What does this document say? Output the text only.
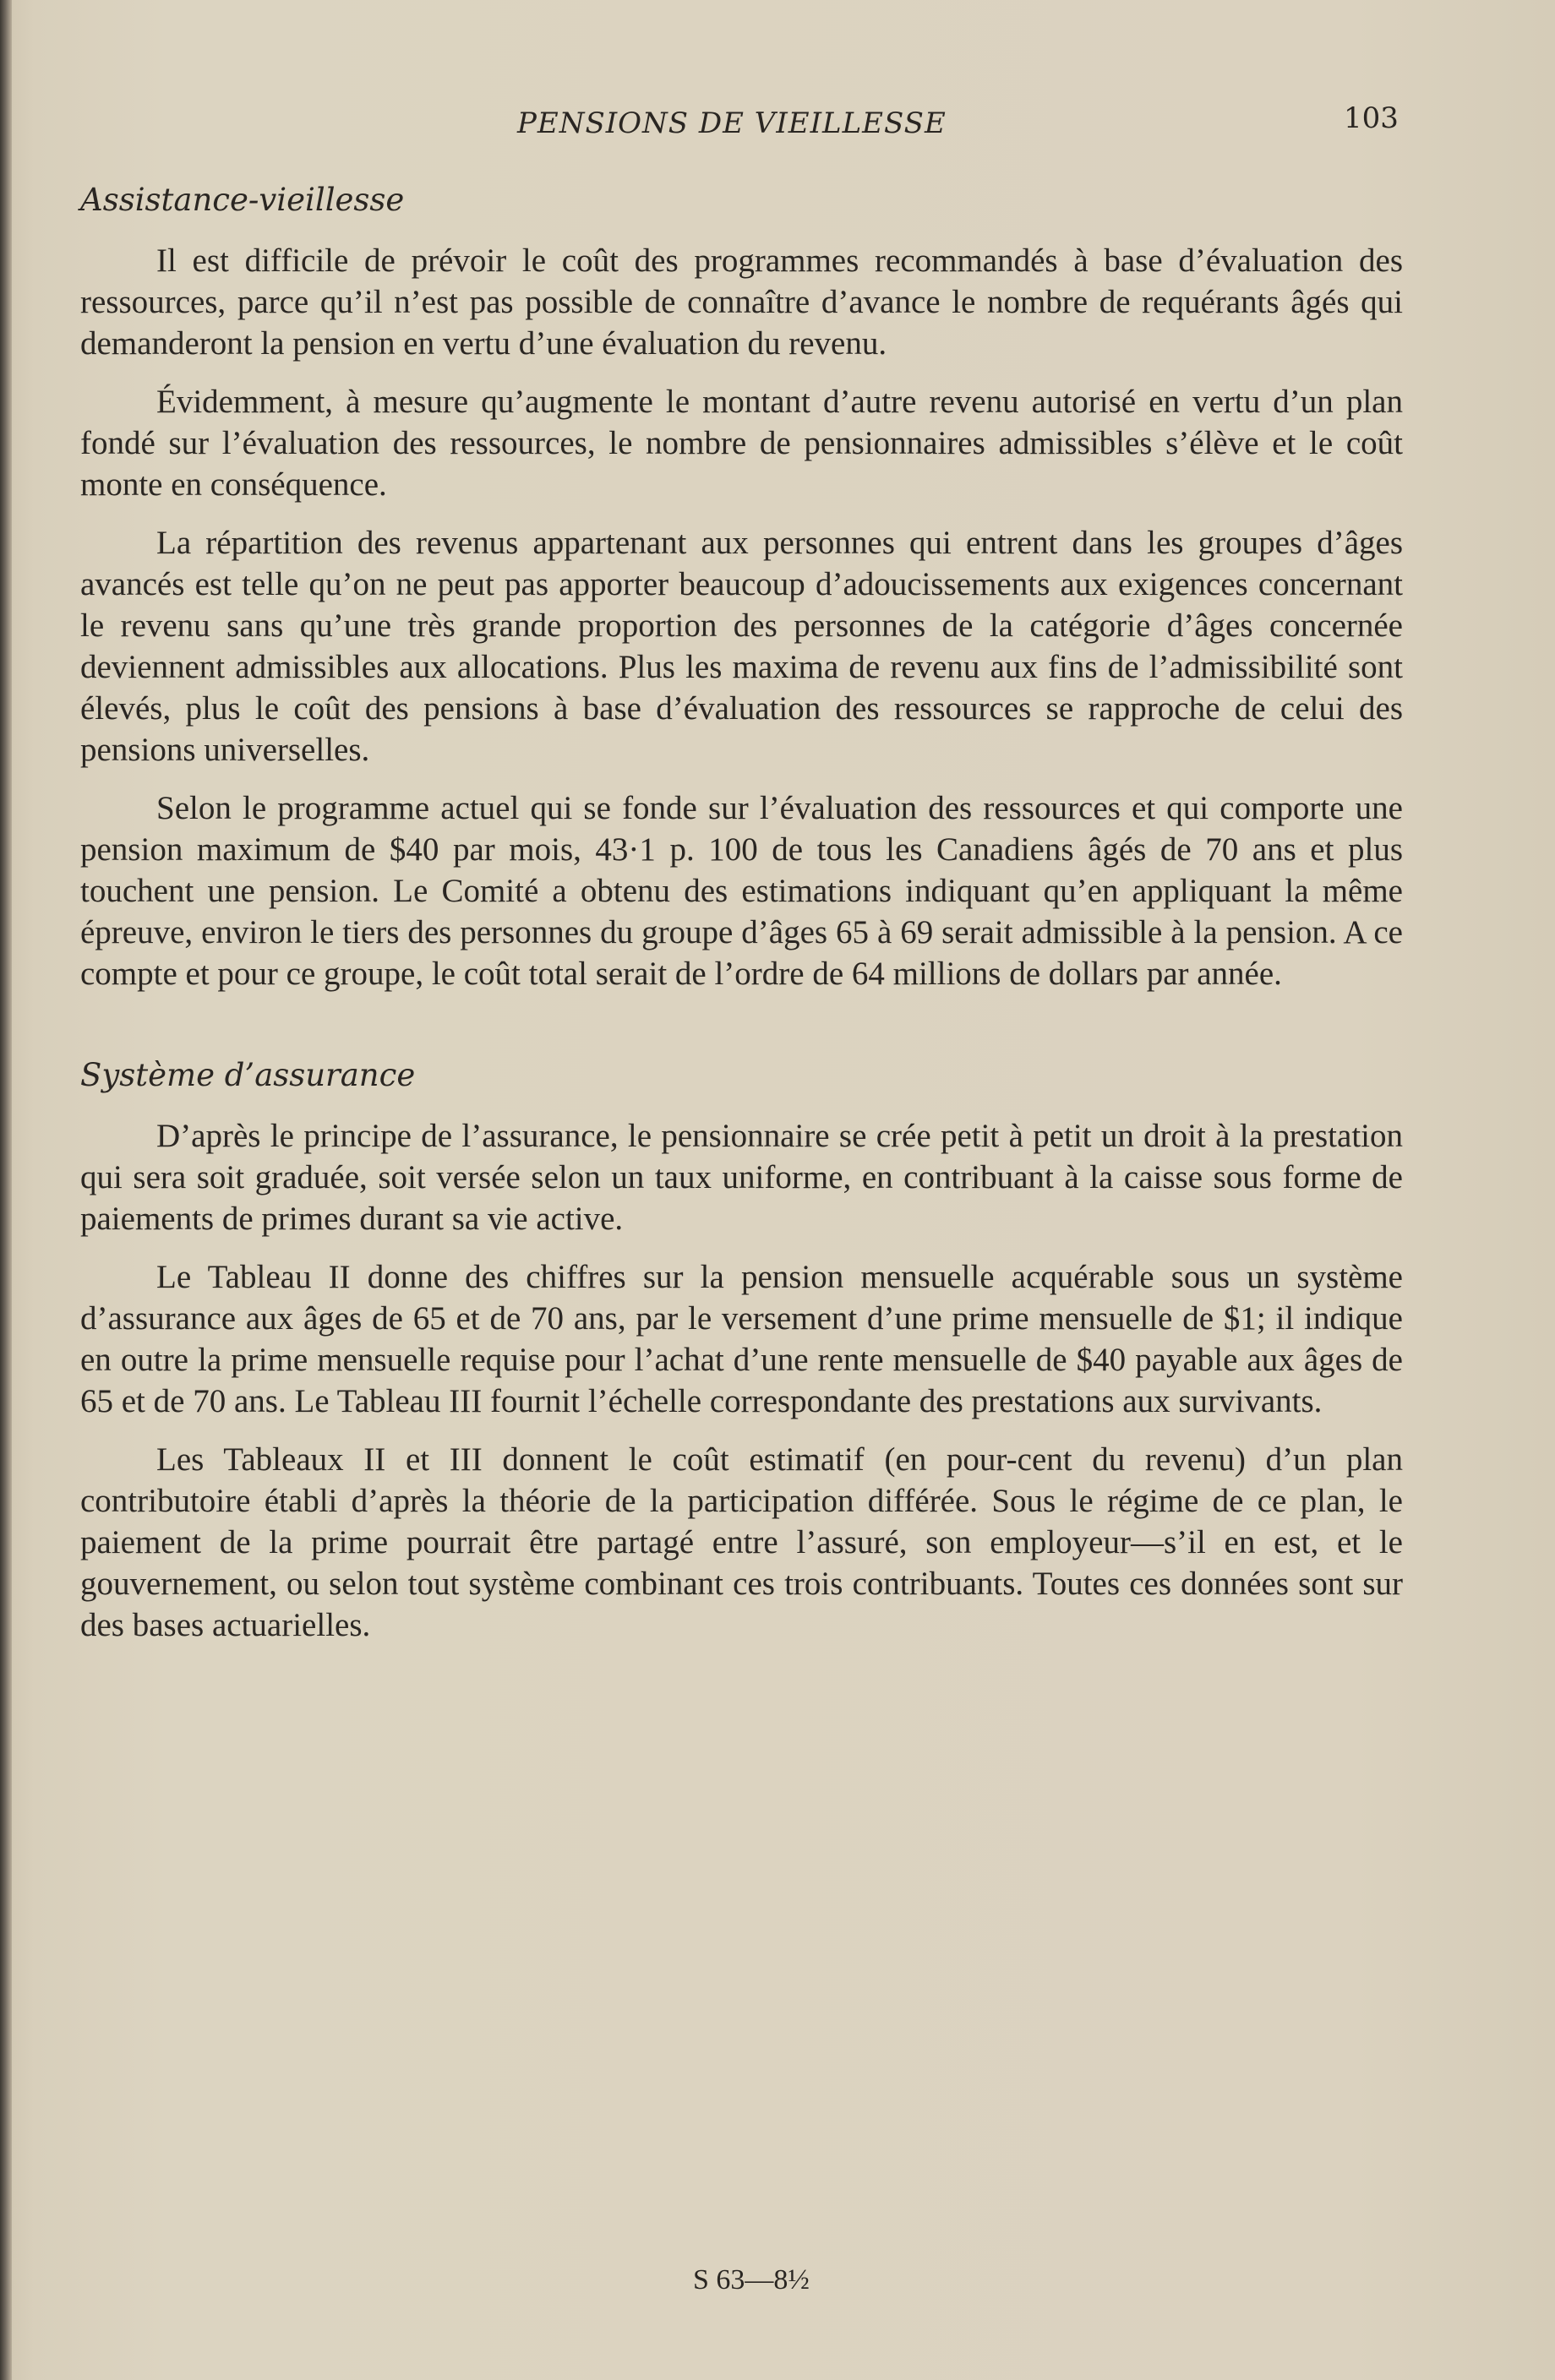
PENSIONS DE VIEILLESSE	103
Assistance-vieillesse

Il est difficile de prévoir le coût des programmes recommandés à base d’évaluation des ressources, parce qu’il n’est pas possible de connaître d’avance le nombre de requérants âgés qui demanderont la pension en vertu d’une évaluation du revenu.

Évidemment, à mesure qu’augmente le montant d’autre revenu autorisé en vertu d’un plan fondé sur l’évaluation des ressources, le nombre de pensionnaires admissibles s’élève et le coût monte en conséquence.

La répartition des revenus appartenant aux personnes qui entrent dans les groupes d’âges avancés est telle qu’on ne peut pas apporter beaucoup d’adoucissements aux exigences concernant le revenu sans qu’une très grande proportion des personnes de la catégorie d’âges concernée deviennent admissibles aux allocations. Plus les maxima de revenu aux fins de l’admissibilité sont élevés, plus le coût des pensions à base d’évaluation des ressources se rapproche de celui des pensions universelles.

Selon le programme actuel qui se fonde sur l’évaluation des ressources et qui comporte une pension maximum de $40 par mois, 43·1 p. 100 de tous les Canadiens âgés de 70 ans et plus touchent une pension. Le Comité a obtenu des estimations indiquant qu’en appliquant la même épreuve, environ le tiers des personnes du groupe d’âges 65 à 69 serait admissible à la pension. A ce compte et pour ce groupe, le coût total serait de l’ordre de 64 millions de dollars par année.

Système d’assurance

D’après le principe de l’assurance, le pensionnaire se crée petit à petit un droit à la prestation qui sera soit graduée, soit versée selon un taux uniforme, en contribuant à la caisse sous forme de paiements de primes durant sa vie active.

Le Tableau II donne des chiffres sur la pension mensuelle acquérable sous un système d’assurance aux âges de 65 et de 70 ans, par le versement d’une prime mensuelle de $1; il indique en outre la prime mensuelle requise pour l’achat d’une rente mensuelle de $40 payable aux âges de 65 et de 70 ans. Le Tableau III fournit l’échelle correspondante des prestations aux survivants.

Les Tableaux II et III donnent le coût estimatif (en pour-cent du revenu) d’un plan contributoire établi d’après la théorie de la participation différée. Sous le régime de ce plan, le paiement de la prime pourrait être partagé entre l’assuré, son employeur—s’il en est, et le gouvernement, ou selon tout système combinant ces trois contribuants. Toutes ces données sont sur des bases actuarielles.

S 63—8½
